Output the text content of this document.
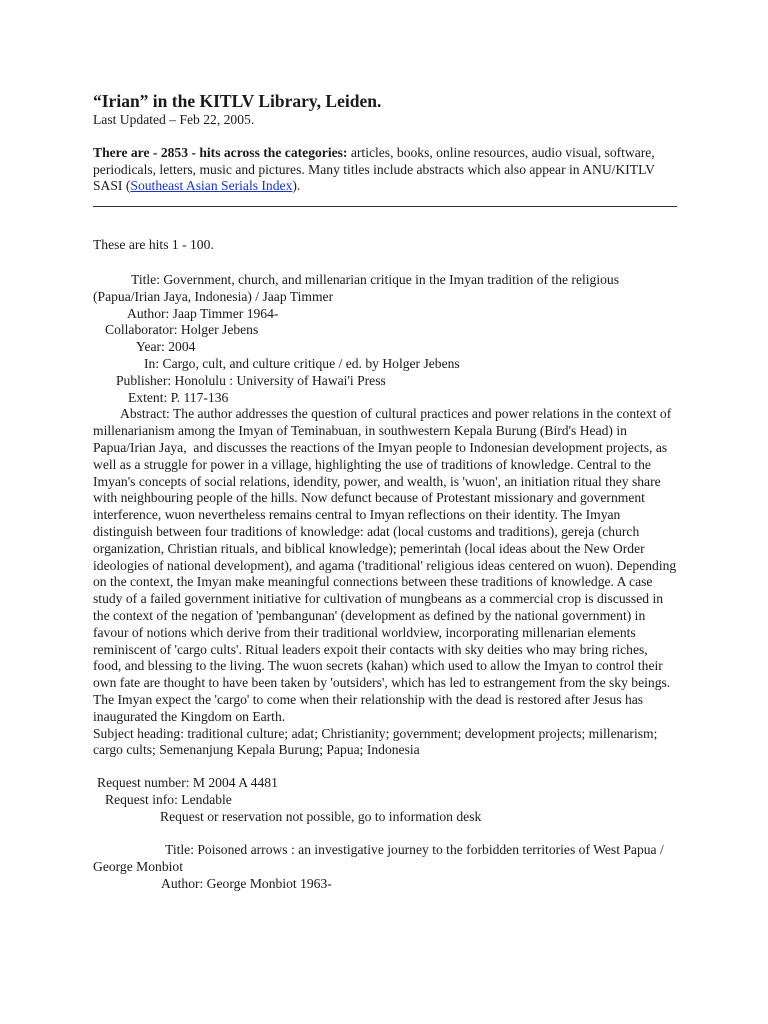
“Irian” in the KITLV Library, Leiden.

Last Updated – Feb 22, 2005.

There are - 2853 - hits across the categories: articles, books, online resources, audio visual, software, periodicals, letters, music and pictures. Many titles include abstracts which also appear in ANU/KITLV SASI (Southeast Asian Serials Index).
These are hits 1 - 100.
Title: Government, church, and millenarian critique in the Imyan tradition of the religious (Papua/Irian Jaya, Indonesia) / Jaap Timmer
Author: Jaap Timmer 1964-
Collaborator: Holger Jebens
Year: 2004
In: Cargo, cult, and culture critique / ed. by Holger Jebens
Publisher: Honolulu : University of Hawai'i Press
Extent: P. 117-136
Abstract: The author addresses the question of cultural practices and power relations in the context of millenarianism among the Imyan of Teminabuan, in southwestern Kepala Burung (Bird's Head) in Papua/Irian Jaya,  and discusses the reactions of the Imyan people to Indonesian development projects, as well as a struggle for power in a village, highlighting the use of traditions of knowledge. Central to the Imyan's concepts of social relations, idendity, power, and wealth, is 'wuon', an initiation ritual they share with neighbouring people of the hills. Now defunct because of Protestant missionary and government interference, wuon nevertheless remains central to Imyan reflections on their identity. The Imyan distinguish between four traditions of knowledge: adat (local customs and traditions), gereja (church organization, Christian rituals, and biblical knowledge); pemerintah (local ideas about the New Order ideologies of national development), and agama ('traditional' religious ideas centered on wuon). Depending on the context, the Imyan make meaningful connections between these traditions of knowledge. A case study of a failed government initiative for cultivation of mungbeans as a commercial crop is discussed in the context of the negation of 'pembangunan' (development as defined by the national government) in favour of notions which derive from their traditional worldview, incorporating millenarian elements reminiscent of 'cargo cults'. Ritual leaders expoit their contacts with sky deities who may bring riches, food, and blessing to the living. The wuon secrets (kahan) which used to allow the Imyan to control their own fate are thought to have been taken by 'outsiders', which has led to estrangement from the sky beings. The Imyan expect the 'cargo' to come when their relationship with the dead is restored after Jesus has inaugurated the Kingdom on Earth.
Subject heading: traditional culture; adat; Christianity; government; development projects; millenarism; cargo cults; Semenanjung Kepala Burung; Papua; Indonesia
Request number: M 2004 A 4481
Request info: Lendable
Request or reservation not possible, go to information desk
Title: Poisoned arrows : an investigative journey to the forbidden territories of West Papua / George Monbiot
Author: George Monbiot 1963-
